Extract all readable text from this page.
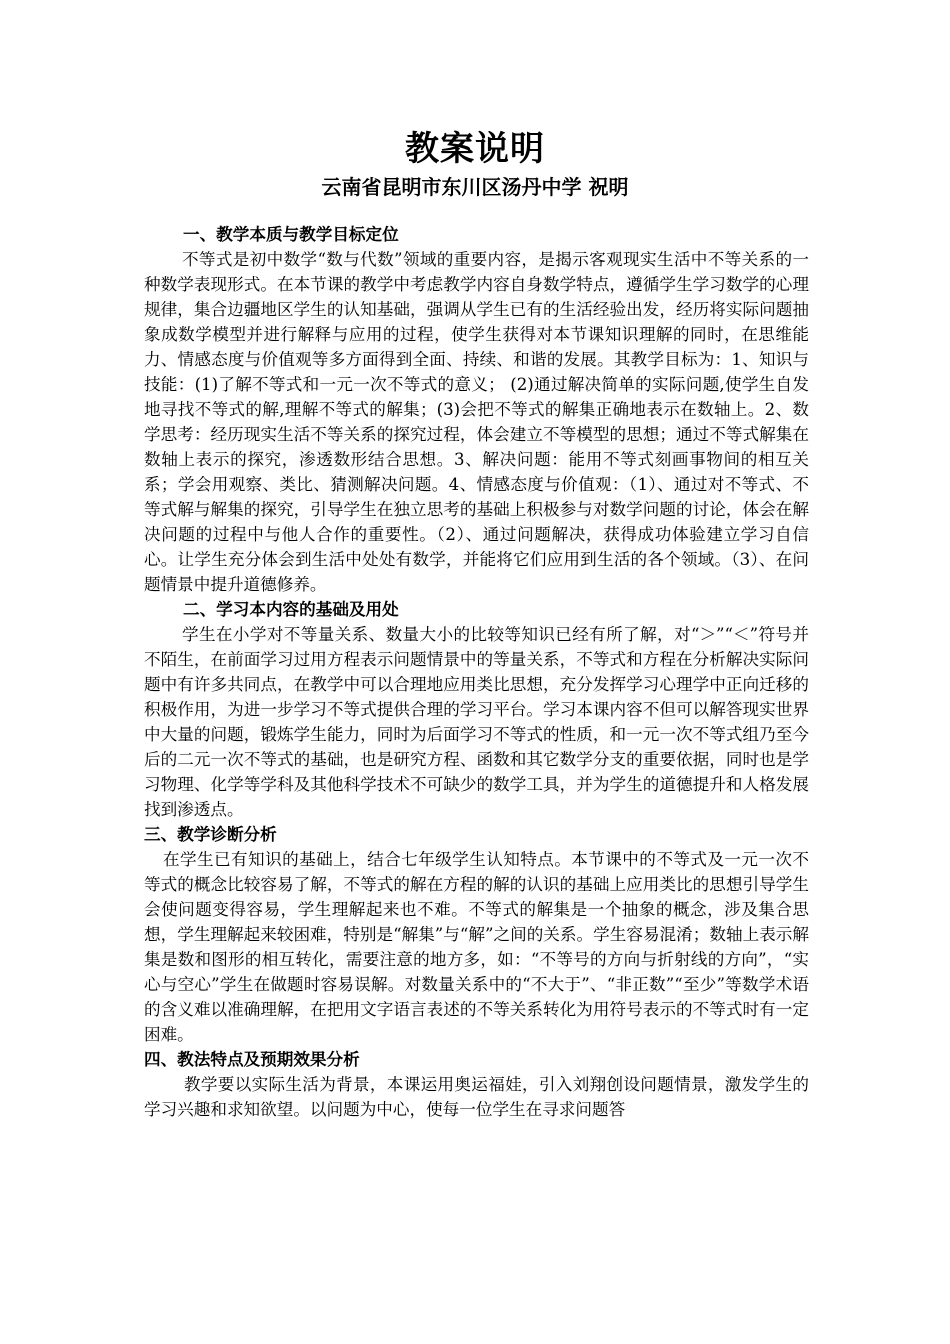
教案说明
云南省昆明市东川区汤丹中学 祝明

一、教学本质与教学目标定位

不等式是初中数学“数与代数”领域的重要内容，是揭示客观现实生活中不等关系的一种数学表现形式。在本节课的教学中考虑教学内容自身数学特点，遵循学生学习数学的心理规律，集合边疆地区学生的认知基础，强调从学生已有的生活经验出发，经历将实际问题抽象成数学模型并进行解释与应用的过程，使学生获得对本节课知识理解的同时，在思维能力、情感态度与价值观等多方面得到全面、持续、和谐的发展。其教学目标为：1、知识与技能：(1)了解不等式和一元一次不等式的意义； (2)通过解决简单的实际问题,使学生自发地寻找不等式的解,理解不等式的解集；(3)会把不等式的解集正确地表示在数轴上。2、数学思考：经历现实生活不等关系的探究过程，体会建立不等模型的思想；通过不等式解集在数轴上表示的探究，渗透数形结合思想。3、解决问题：能用不等式刻画事物间的相互关系；学会用观察、类比、猜测解决问题。4、情感态度与价值观：（1）、通过对不等式、不等式解与解集的探究，引导学生在独立思考的基础上积极参与对数学问题的讨论，体会在解决问题的过程中与他人合作的重要性。（2）、通过问题解决，获得成功体验建立学习自信心。让学生充分体会到生活中处处有数学，并能将它们应用到生活的各个领域。（3）、在问题情景中提升道德修养。

二、学习本内容的基础及用处

学生在小学对不等量关系、数量大小的比较等知识已经有所了解，对“＞”“＜”符号并不陌生，在前面学习过用方程表示问题情景中的等量关系，不等式和方程在分析解决实际问题中有许多共同点，在教学中可以合理地应用类比思想，充分发挥学习心理学中正向迁移的积极作用，为进一步学习不等式提供合理的学习平台。学习本课内容不但可以解答现实世界中大量的问题，锻炼学生能力，同时为后面学习不等式的性质，和一元一次不等式组乃至今后的二元一次不等式的基础，也是研究方程、函数和其它数学分支的重要依据，同时也是学习物理、化学等学科及其他科学技术不可缺少的数学工具，并为学生的道德提升和人格发展找到渗透点。

三、教学诊断分析

在学生已有知识的基础上，结合七年级学生认知特点。本节课中的不等式及一元一次不等式的概念比较容易了解，不等式的解在方程的解的认识的基础上应用类比的思想引导学生会使问题变得容易，学生理解起来也不难。不等式的解集是一个抽象的概念，涉及集合思想，学生理解起来较困难，特别是“解集”与“解”之间的关系。学生容易混淆；数轴上表示解集是数和图形的相互转化，需要注意的地方多，如：“不等号的方向与折射线的方向”，“实心与空心”学生在做题时容易误解。对数量关系中的“不大于”、“非正数”“至少”等数学术语的含义难以准确理解，在把用文字语言表述的不等关系转化为用符号表示的不等式时有一定困难。

四、教法特点及预期效果分析

教学要以实际生活为背景，本课运用奥运福娃，引入刘翔创设问题情景，激发学生的学习兴趣和求知欲望。以问题为中心，使每一位学生在寻求问题答
